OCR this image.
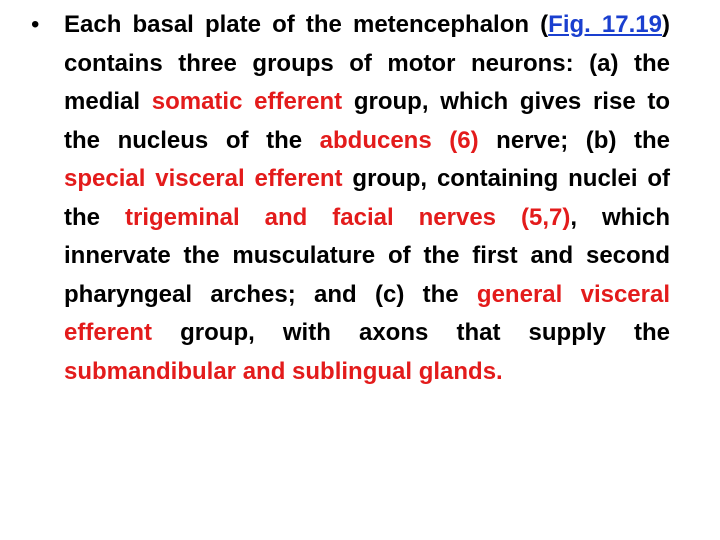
• Each basal plate of the metencephalon (Fig. 17.19) contains three groups of motor neurons: (a) the medial somatic efferent group, which gives rise to the nucleus of the abducens (6) nerve; (b) the special visceral efferent group, containing nuclei of the trigeminal and facial nerves (5,7), which innervate the musculature of the first and second pharyngeal arches; and (c) the general visceral efferent group, with axons that supply the submandibular and sublingual glands.
